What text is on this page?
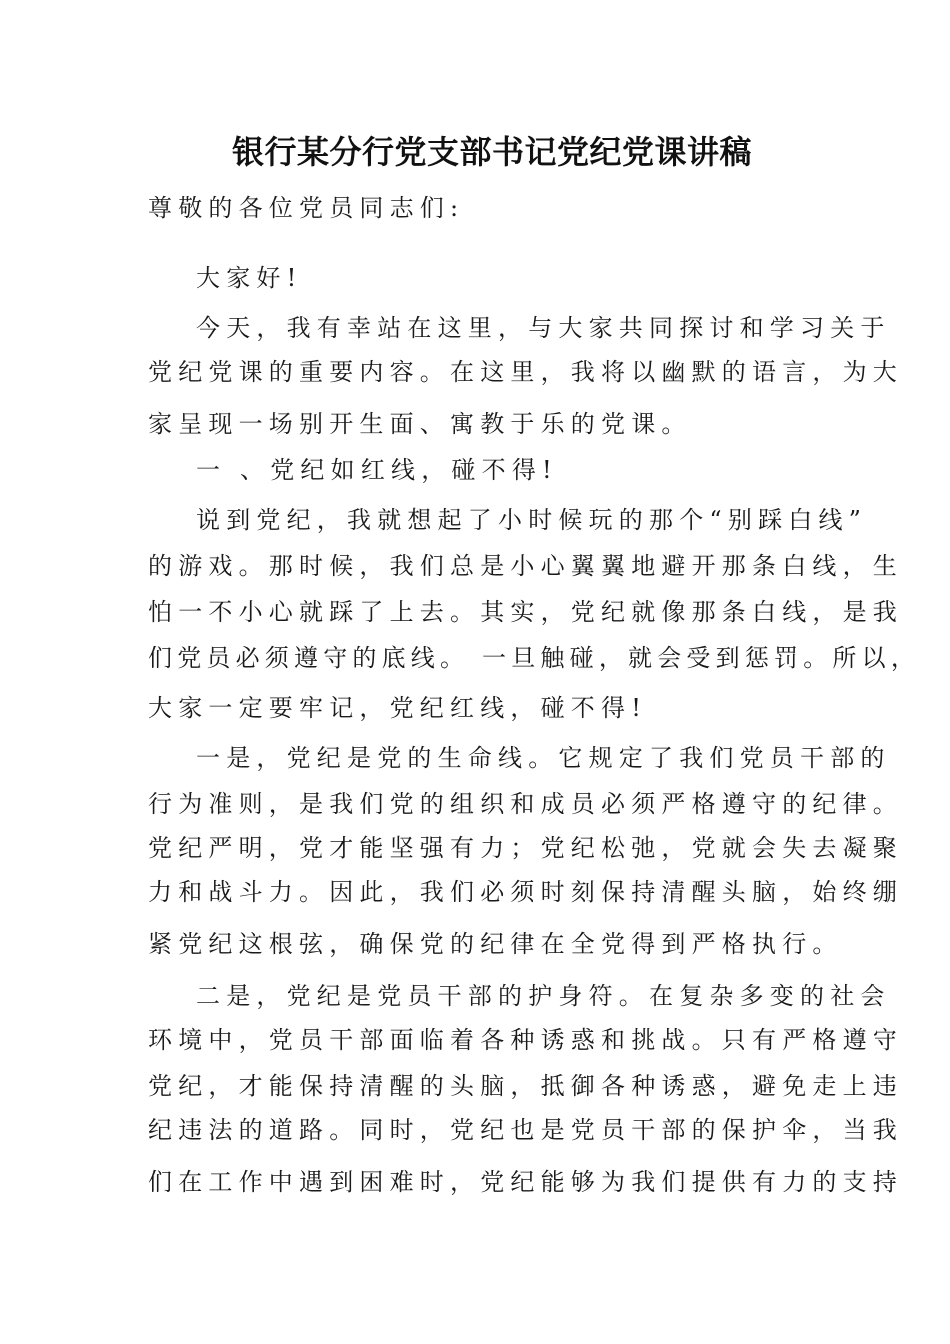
银行某分行党支部书记党纪党课讲稿
尊敬的各位党员同志们:
大家好!
今天，我有幸站在这里，与大家共同探讨和学习关于
党纪党课的重要内容。在这里，我将以幽默的语言，为大
家呈现一场别开生面、寓教于乐的党课。
一 、党纪如红线，碰不得!
说到党纪，我就想起了小时候玩的那个“别踩白线”
的游戏。那时候，我们总是小心翼翼地避开那条白线，生
怕一不小心就踩了上去。其实，党纪就像那条白线，是我
们党员必须遵守的底线。 一旦触碰，就会受到惩罚。所以，
大家一定要牢记，党纪红线，碰不得!
一是，党纪是党的生命线。它规定了我们党员干部的
行为准则，是我们党的组织和成员必须严格遵守的纪律。
党纪严明，党才能坚强有力；党纪松弛，党就会失去凝聚
力和战斗力。因此，我们必须时刻保持清醒头脑，始终绷
紧党纪这根弦，确保党的纪律在全党得到严格执行。
二是，党纪是党员干部的护身符。在复杂多变的社会
环境中，党员干部面临着各种诱惑和挑战。只有严格遵守
党纪，才能保持清醒的头脑，抵御各种诱惑，避免走上违
纪违法的道路。同时，党纪也是党员干部的保护伞，当我
们在工作中遇到困难时，党纪能够为我们提供有力的支持
